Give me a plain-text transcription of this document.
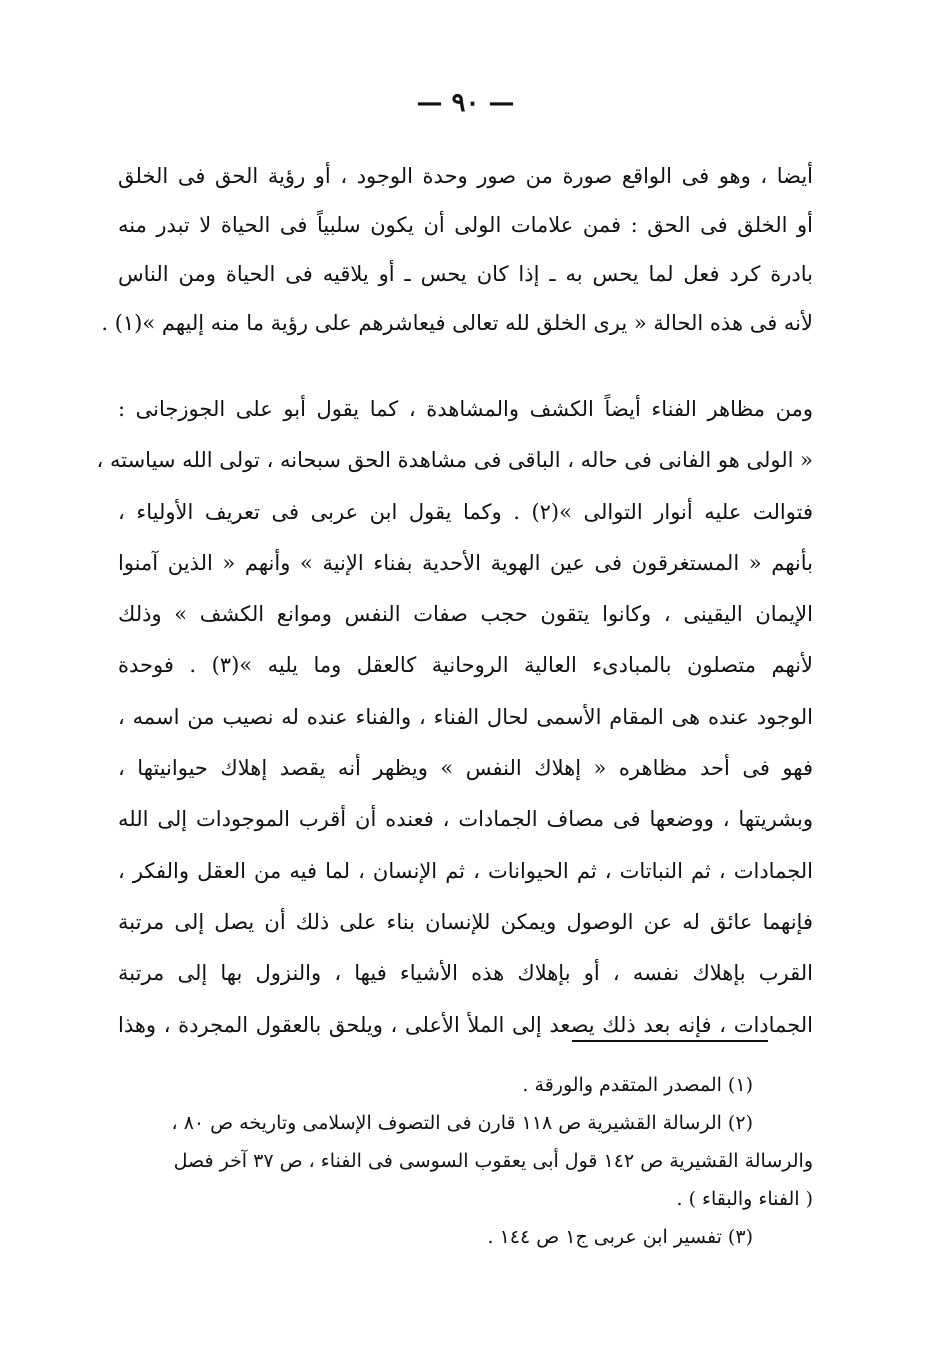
— ٩٠ —

أيضا ، وهو فى الواقع صورة من صور وحدة الوجود ، أو رؤية الحق فى الخلق
أو الخلق فى الحق : فمن علامات الولى أن يكون سلبياً فى الحياة لا تبدر منه
بادرة كرد فعل لما يحس به ـ إذا كان يحس ـ أو يلاقيه فى الحياة ومن الناس
لأنه فى هذه الحالة « يرى الخلق لله تعالى فيعاشرهم على رؤية ما منه إليهم »(١) .

ومن مظاهر الفناء أيضاً الكشف والمشاهدة ، كما يقول أبو على الجوزجانى :
« الولى هو الفانى فى حاله ، الباقى فى مشاهدة الحق سبحانه ، تولى الله سياسته ،
فتوالت عليه أنوار التوالى »(٢) . وكما يقول ابن عربى فى تعريف الأولياء ،
بأنهم « المستغرقون فى عين الهوية الأحدية بفناء الإنية » وأنهم « الذين آمنوا
الإيمان اليقينى ، وكانوا يتقون حجب صفات النفس وموانع الكشف » وذلك
لأنهم متصلون بالمبادىء العالية الروحانية كالعقل وما يليه »(٣) . فوحدة
الوجود عنده هى المقام الأسمى لحال الفناء ، والفناء عنده له نصيب من اسمه ،
فهو فى أحد مظاهره « إهلاك النفس » ويظهر أنه يقصد إهلاك حيوانيتها ،
وبشريتها ، ووضعها فى مصاف الجمادات ، فعنده أن أقرب الموجودات إلى الله
الجمادات ، ثم النباتات ، ثم الحيوانات ، ثم الإنسان ، لما فيه من العقل والفكر ،
فإنهما عائق له عن الوصول ويمكن للإنسان بناء على ذلك أن يصل إلى مرتبة
القرب بإهلاك نفسه ، أو بإهلاك هذه الأشياء فيها ، والنزول بها إلى مرتبة
الجمادات ، فإنه بعد ذلك يصعد إلى الملأ الأعلى ، ويلحق بالعقول المجردة ، وهذا

(١) المصدر المتقدم والورقة .
(٢) الرسالة القشيرية ص ١١٨ قارن فى التصوف الإسلامى وتاريخه ص ٨٠ ،
والرسالة القشيرية ص ١٤٢ قول أبى يعقوب السوسى فى الفناء ، ص ٣٧ آخر فصل
( الفناء والبقاء ) .
(٣) تفسير ابن عربى ج١ ص ١٤٤ .
